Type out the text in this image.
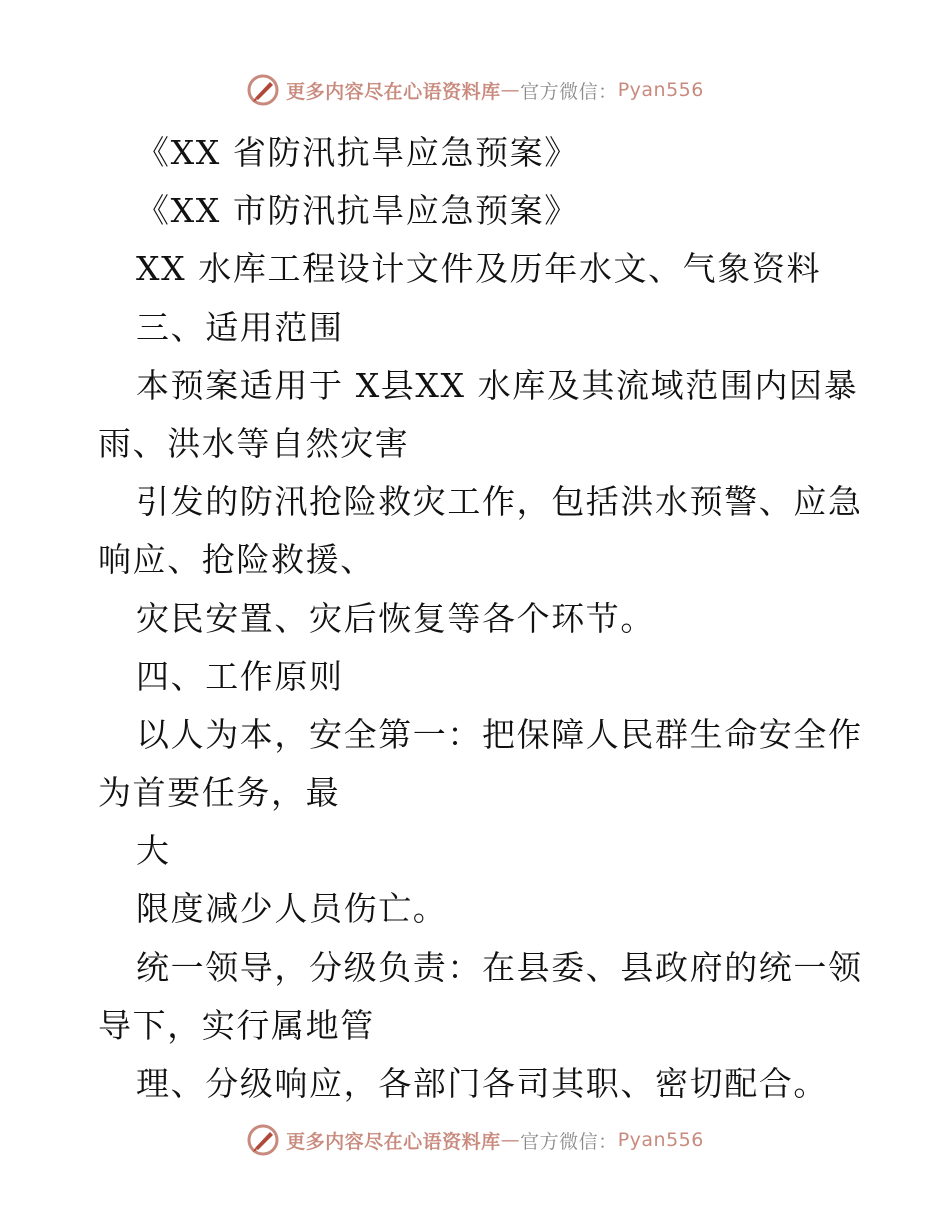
更多内容尽在心语资料库 — 官方微信： Pyan556
《XX 省防汛抗旱应急预案》
《XX 市防汛抗旱应急预案》
XX 水库工程设计文件及历年水文、气象资料
三、适用范围
本预案适用于 X县XX 水库及其流域范围内因暴
雨、洪水等自然灾害
引发的防汛抢险救灾工作，包括洪水预警、应急
响应、抢险救援、
灾民安置、灾后恢复等各个环节。
四、工作原则
以人为本，安全第一：把保障人民群生命安全作
为首要任务，最
大
限度减少人员伤亡。
统一领导，分级负责：在县委、县政府的统一领
导下，实行属地管
理、分级响应，各部门各司其职、密切配合。
更多内容尽在心语资料库 — 官方微信： Pyan556
